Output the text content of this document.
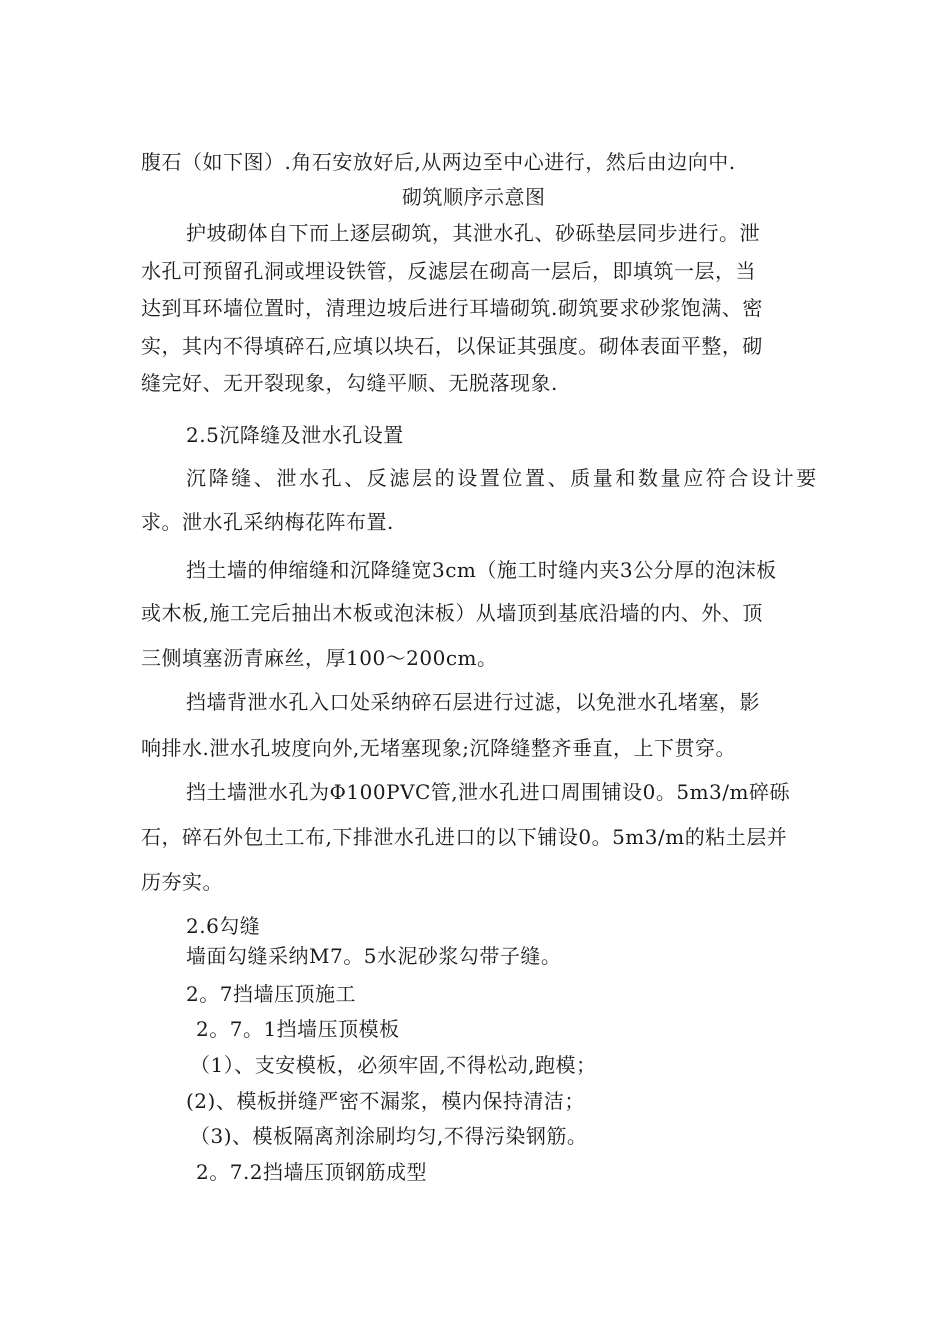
腹石（如下图）.角石安放好后,从两边至中心进行，然后由边向中.

砌筑顺序示意图

护坡砌体自下而上逐层砌筑，其泄水孔、砂砾垫层同步进行。泄

水孔可预留孔洞或埋设铁管，反滤层在砌高一层后，即填筑一层，当

达到耳环墙位置时，清理边坡后进行耳墙砌筑.砌筑要求砂浆饱满、密

实，其内不得填碎石,应填以块石，以保证其强度。砌体表面平整，砌

缝完好、无开裂现象，勾缝平顺、无脱落现象.

2.5沉降缝及泄水孔设置

沉降缝、泄水孔、反滤层的设置位置、质量和数量应符合设计要

求。泄水孔采纳梅花阵布置.

挡土墙的伸缩缝和沉降缝宽3cm（施工时缝内夹3公分厚的泡沫板

或木板,施工完后抽出木板或泡沫板）从墙顶到基底沿墙的内、外、顶

三侧填塞沥青麻丝，厚100～200cm。

挡墙背泄水孔入口处采纳碎石层进行过滤，以免泄水孔堵塞，影

响排水.泄水孔坡度向外,无堵塞现象;沉降缝整齐垂直，上下贯穿。

挡土墙泄水孔为Φ100PVC管,泄水孔进口周围铺设0。5m3/m碎砾

石，碎石外包土工布,下排泄水孔进口的以下铺设0。5m3/m的粘土层并

历夯实。

2.6勾缝

墙面勾缝采纳M7。5水泥砂浆勾带子缝。

2。7挡墙压顶施工

2。7。1挡墙压顶模板

（1）、支安模板，必须牢固,不得松动,跑模；

(2)、模板拼缝严密不漏浆，模内保持清洁；

（3)、模板隔离剂涂刷均匀,不得污染钢筋。

2。7.2挡墙压顶钢筋成型
